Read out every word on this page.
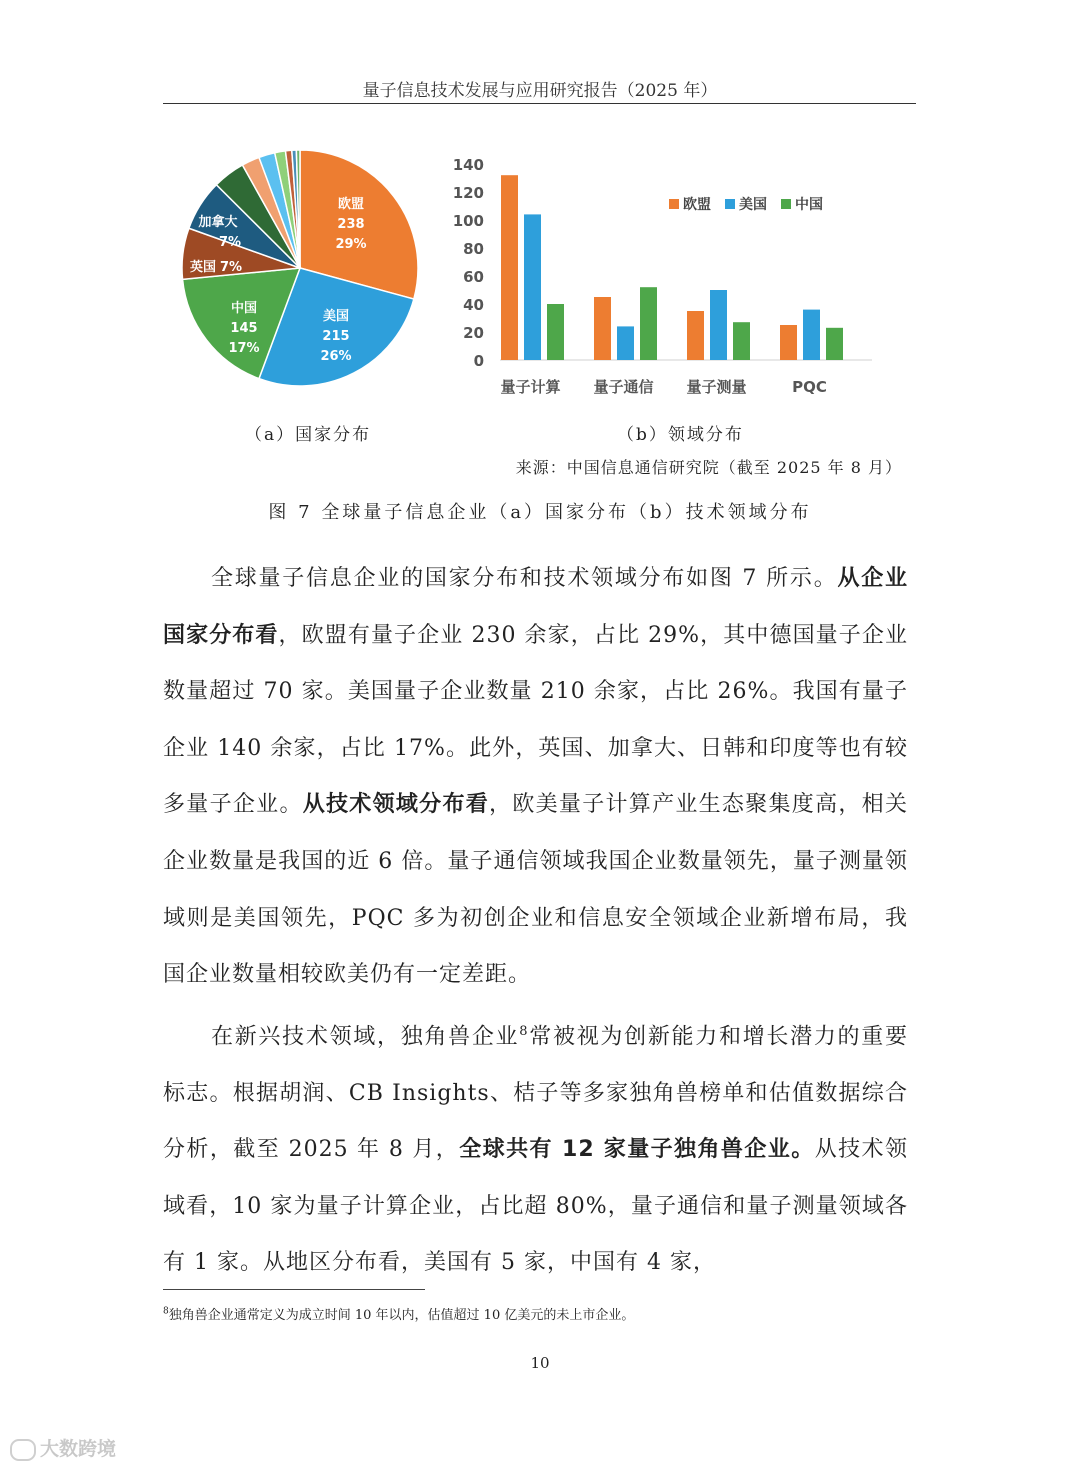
量子信息技术发展与应用研究报告（2025 年）
欧盟
238
29%
美国
215
26%
中国
145
17%
英国 7%
加拿大
7%
0
20
40
60
80
100
120
140
量子计算 量子通信 量子测量	PQC
欧盟 美国 中国
（a）国家分布	（b）领域分布
来源：中国信息通信研究院（截至 2025 年 8 月）
图 7 全球量子信息企业（a）国家分布（b）技术领域分布

全球量子信息企业的国家分布和技术领域分布如图 7 所示。从企业国家分布看，欧盟有量子企业 230 余家，占比 29%，其中德国量子企业数量超过 70 家。美国量子企业数量 210 余家，占比 26%。我国有量子企业 140 余家，占比 17%。此外，英国、加拿大、日韩和印度等也有较多量子企业。从技术领域分布看，欧美量子计算产业生态聚集度高，相关企业数量是我国的近 6 倍。量子通信领域我国企业数量领先，量子测量领域则是美国领先，PQC 多为初创企业和信息安全领域企业新增布局，我国企业数量相较欧美仍有一定差距。

在新兴技术领域，独角兽企业$^8$常被视为创新能力和增长潜力的重要标志。根据胡润、CB Insights、桔子等多家独角兽榜单和估值数据综合分析，截至 2025 年 8 月，全球共有 12 家量子独角兽企业。从技术领域看，10 家为量子计算企业，占比超 80%，量子通信和量子测量领域各有 1 家。从地区分布看，美国有 5 家，中国有 4 家，

$^8$独角兽企业通常定义为成立时间 10 年以内，估值超过 10 亿美元的未上市企业。
10
大数跨境
